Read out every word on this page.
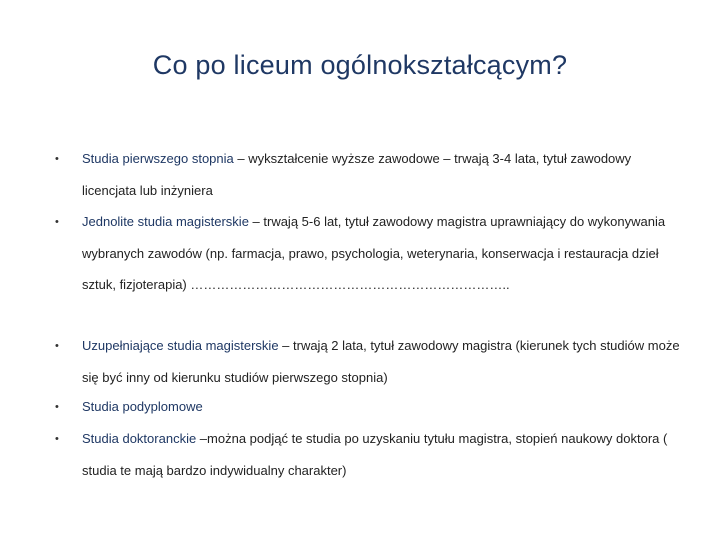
Co po liceum ogólnokształcącym?
• Studia pierwszego stopnia – wykształcenie wyższe zawodowe – trwają 3-4 lata, tytuł zawodowy licencjata lub inżyniera

• Jednolite studia magisterskie – trwają 5-6 lat, tytuł zawodowy magistra uprawniający do wykonywania wybranych zawodów (np. farmacja, prawo, psychologia, weterynaria, konserwacja i restauracja dzieł sztuk, fizjoterapia) ………………………………………………………………..

• Uzupełniające studia magisterskie – trwają 2 lata, tytuł zawodowy magistra (kierunek tych studiów może się być inny od kierunku studiów pierwszego stopnia)

• Studia podyplomowe

• Studia doktoranckie –można podjąć te studia po uzyskaniu tytułu magistra, stopień naukowy doktora ( studia te mają bardzo indywidualny charakter)
